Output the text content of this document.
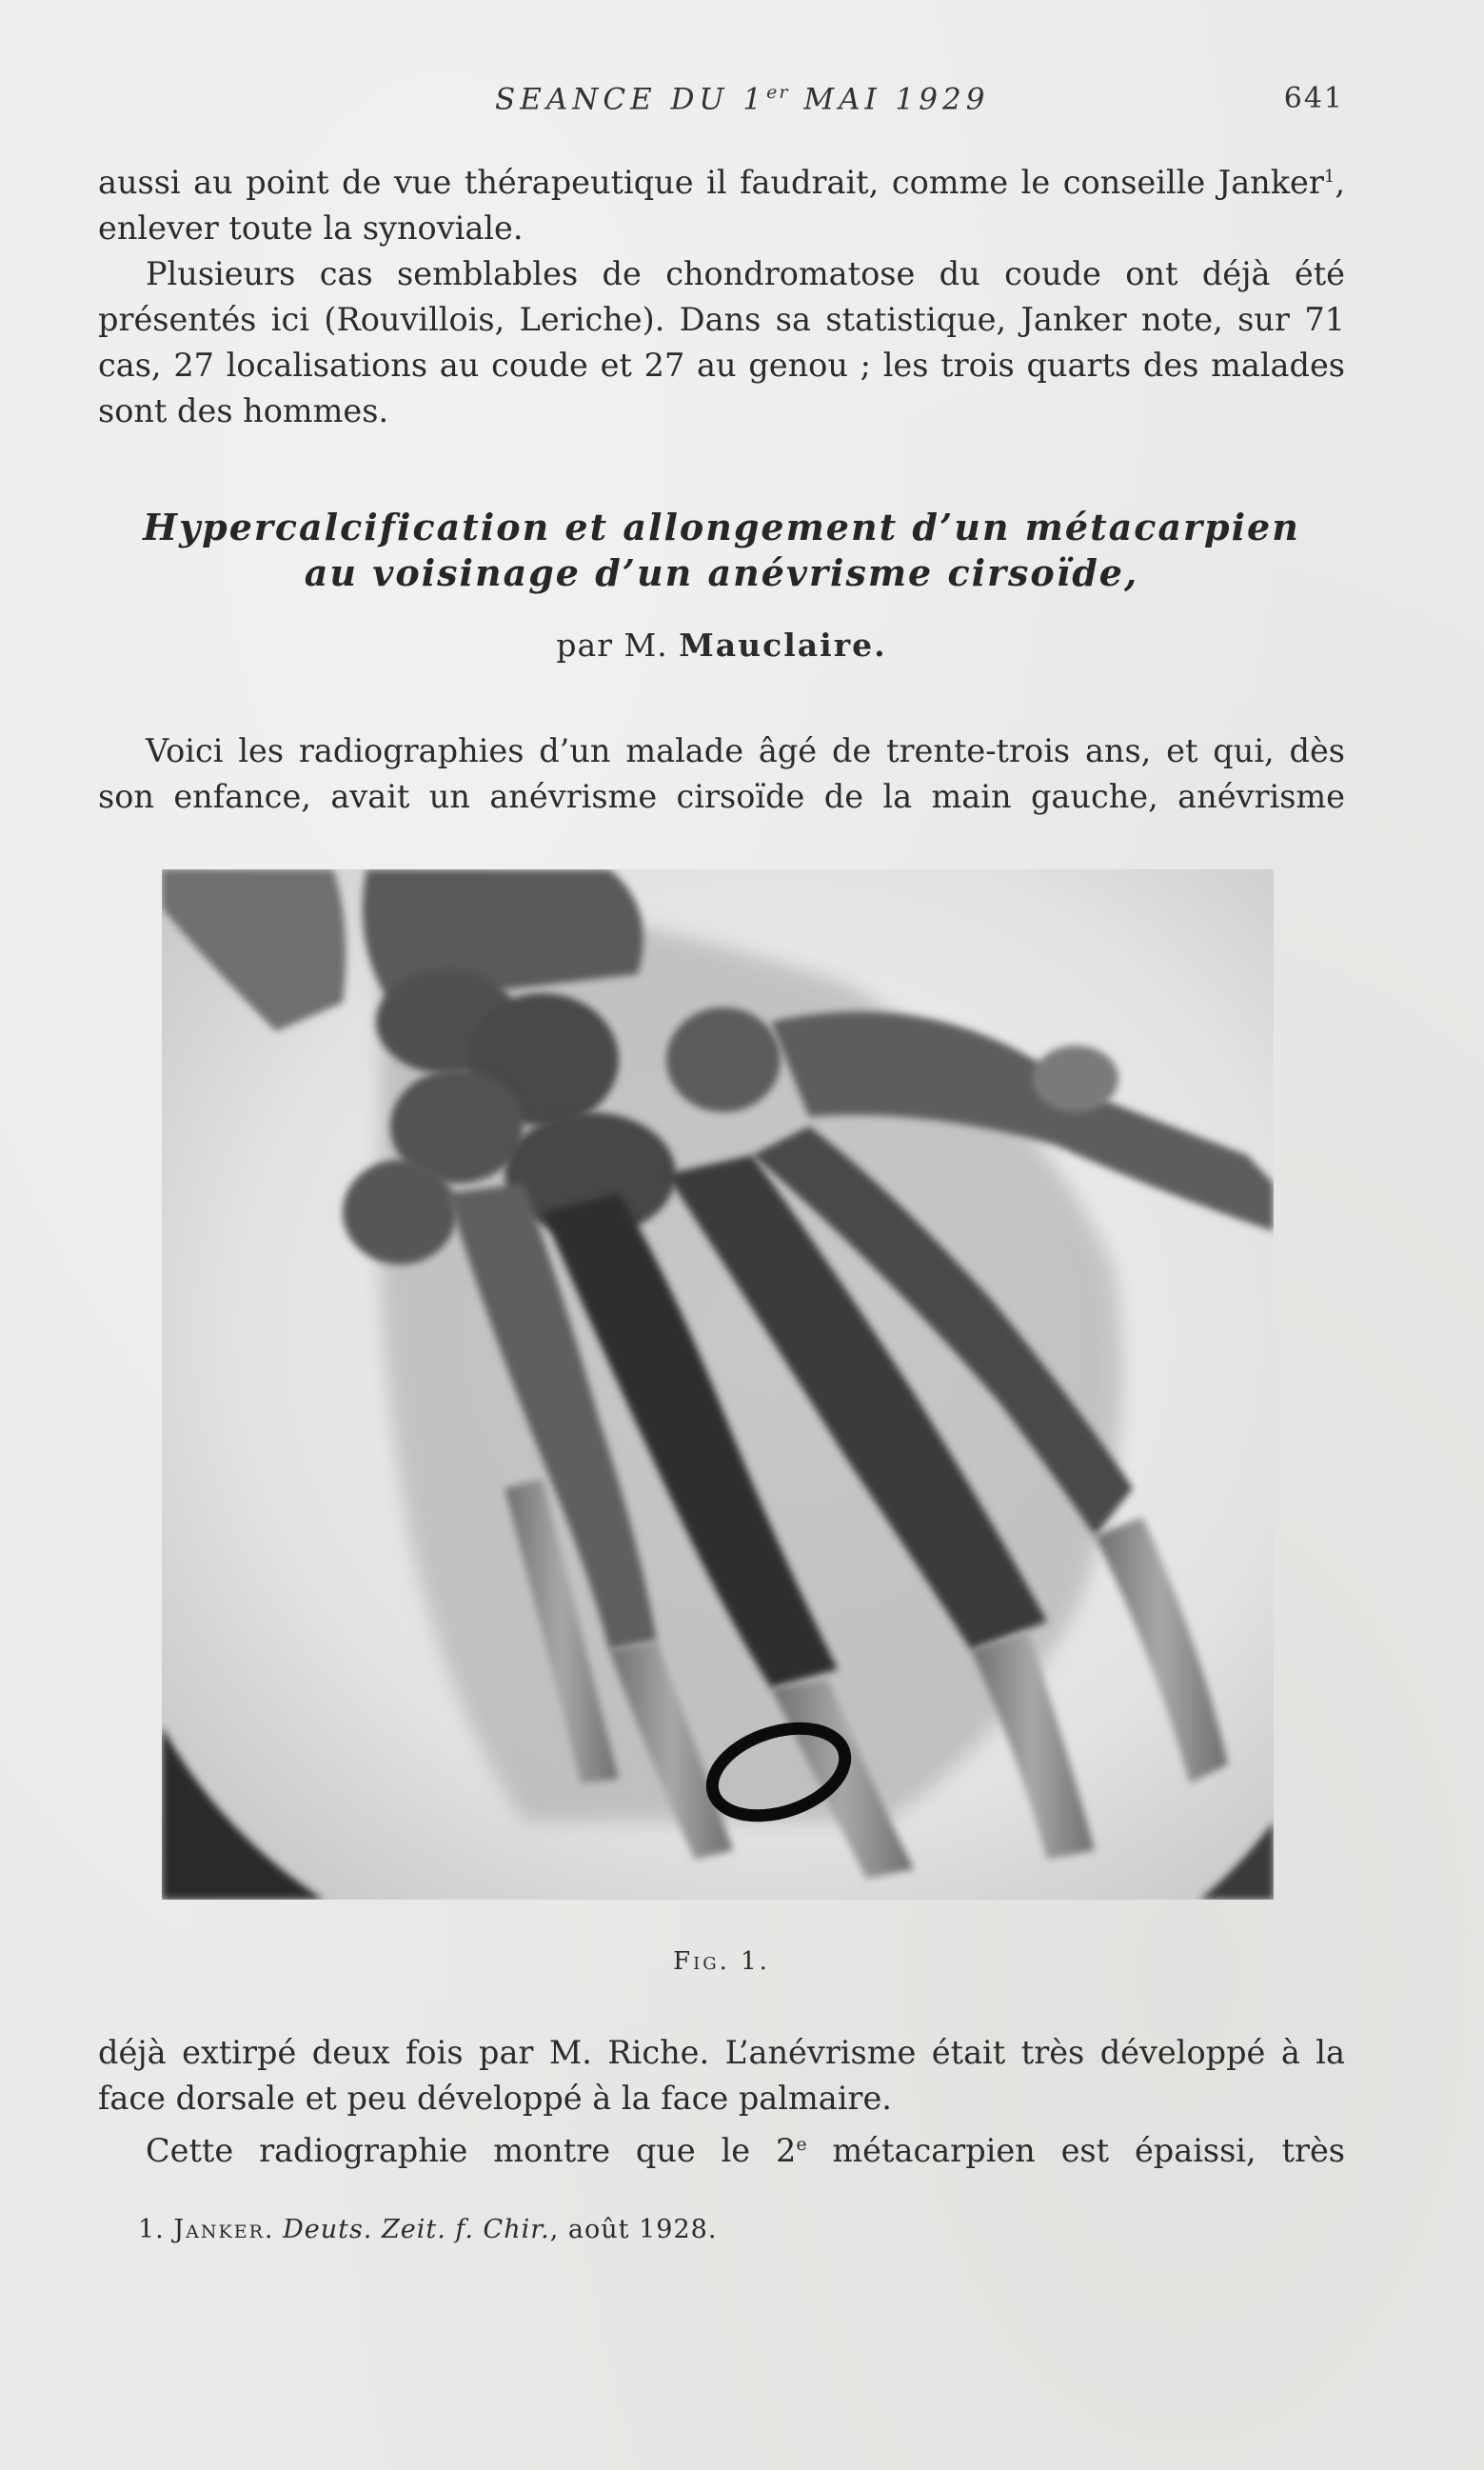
SEANCE DU 1er MAI 1929	641

aussi au point de vue thérapeutique il faudrait, comme le conseille Janker$^1$, enlever toute la synoviale.

Plusieurs cas semblables de chondromatose du coude ont déjà été présentés ici (Rouvillois, Leriche). Dans sa statistique, Janker note, sur 71 cas, 27 localisations au coude et 27 au genou ; les trois quarts des malades sont des hommes.

Hypercalcification et allongement d’un métacarpien
au voisinage d’un anévrisme cirsoïde,
par M. Mauclaire.

Voici les radiographies d’un malade âgé de trente-trois ans, et qui, dès son enfance, avait un anévrisme cirsoïde de la main gauche, anévrisme

Fig. 1.

déjà extirpé deux fois par M. Riche. L’anévrisme était très développé à la face dorsale et peu développé à la face palmaire.

Cette radiographie montre que le 2e métacarpien est épaissi, très

1. Janker. Deuts. Zeit. f. Chir., août 1928.
